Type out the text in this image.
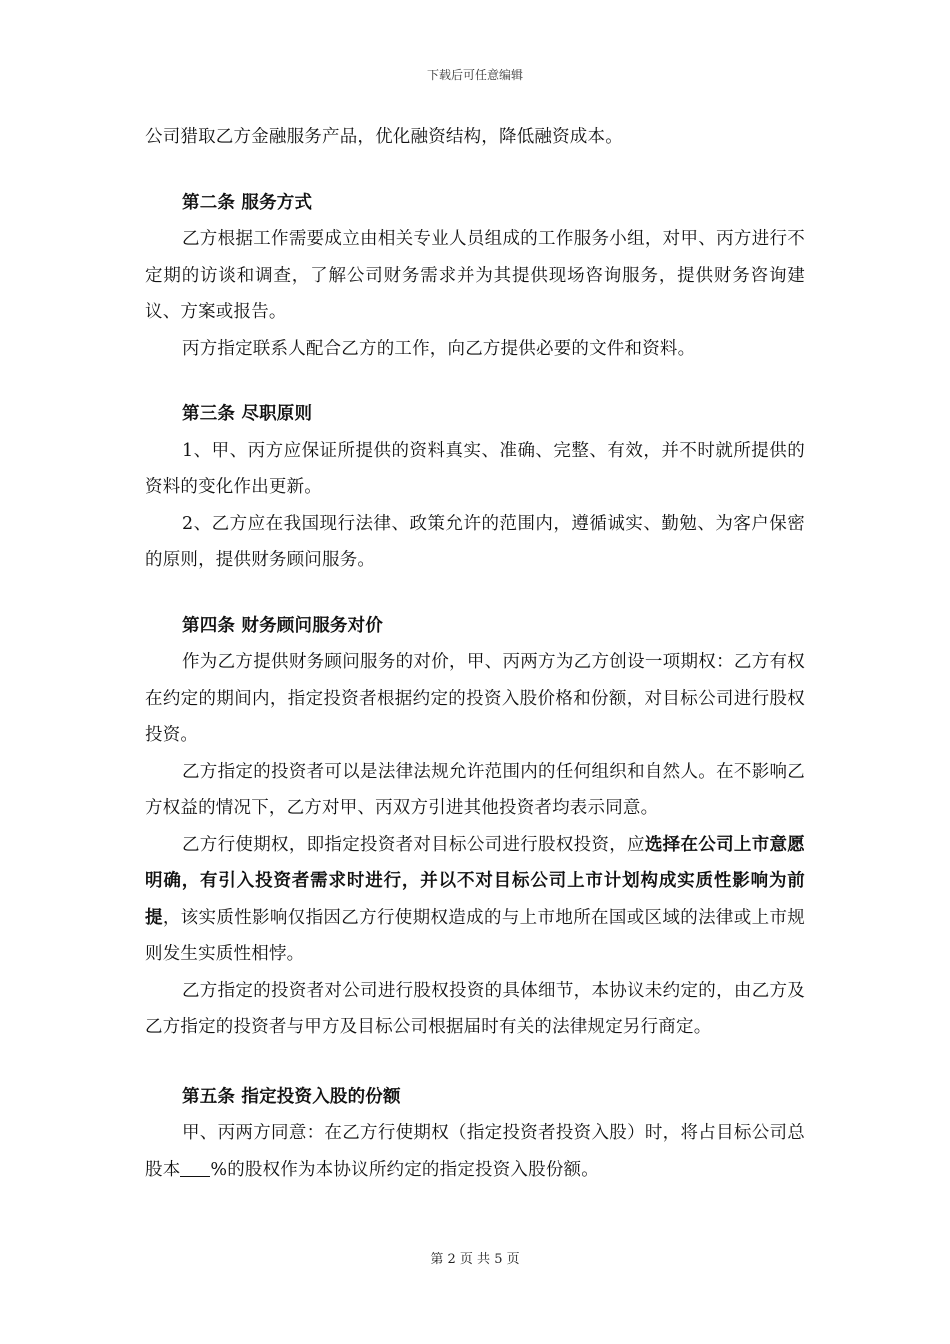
下载后可任意编辑

公司猎取乙方金融服务产品，优化融资结构，降低融资成本。

第二条 服务方式

乙方根据工作需要成立由相关专业人员组成的工作服务小组，对甲、丙方进行不定期的访谈和调查，了解公司财务需求并为其提供现场咨询服务，提供财务咨询建议、方案或报告。

丙方指定联系人配合乙方的工作，向乙方提供必要的文件和资料。

第三条 尽职原则

1、甲、丙方应保证所提供的资料真实、准确、完整、有效，并不时就所提供的资料的变化作出更新。

2、乙方应在我国现行法律、政策允许的范围内，遵循诚实、勤勉、为客户保密的原则，提供财务顾问服务。

第四条 财务顾问服务对价

作为乙方提供财务顾问服务的对价，甲、丙两方为乙方创设一项期权：乙方有权在约定的期间内，指定投资者根据约定的投资入股价格和份额，对目标公司进行股权投资。

乙方指定的投资者可以是法律法规允许范围内的任何组织和自然人。在不影响乙方权益的情况下，乙方对甲、丙双方引进其他投资者均表示同意。

乙方行使期权，即指定投资者对目标公司进行股权投资，应选择在公司上市意愿明确，有引入投资者需求时进行，并以不对目标公司上市计划构成实质性影响为前提，该实质性影响仅指因乙方行使期权造成的与上市地所在国或区域的法律或上市规则发生实质性相悖。

乙方指定的投资者对公司进行股权投资的具体细节，本协议未约定的，由乙方及乙方指定的投资者与甲方及目标公司根据届时有关的法律规定另行商定。

第五条 指定投资入股的份额

甲、丙两方同意：在乙方行使期权（指定投资者投资入股）时，将占目标公司总股本 %的股权作为本协议所约定的指定投资入股份额。

第 2 页 共 5 页
